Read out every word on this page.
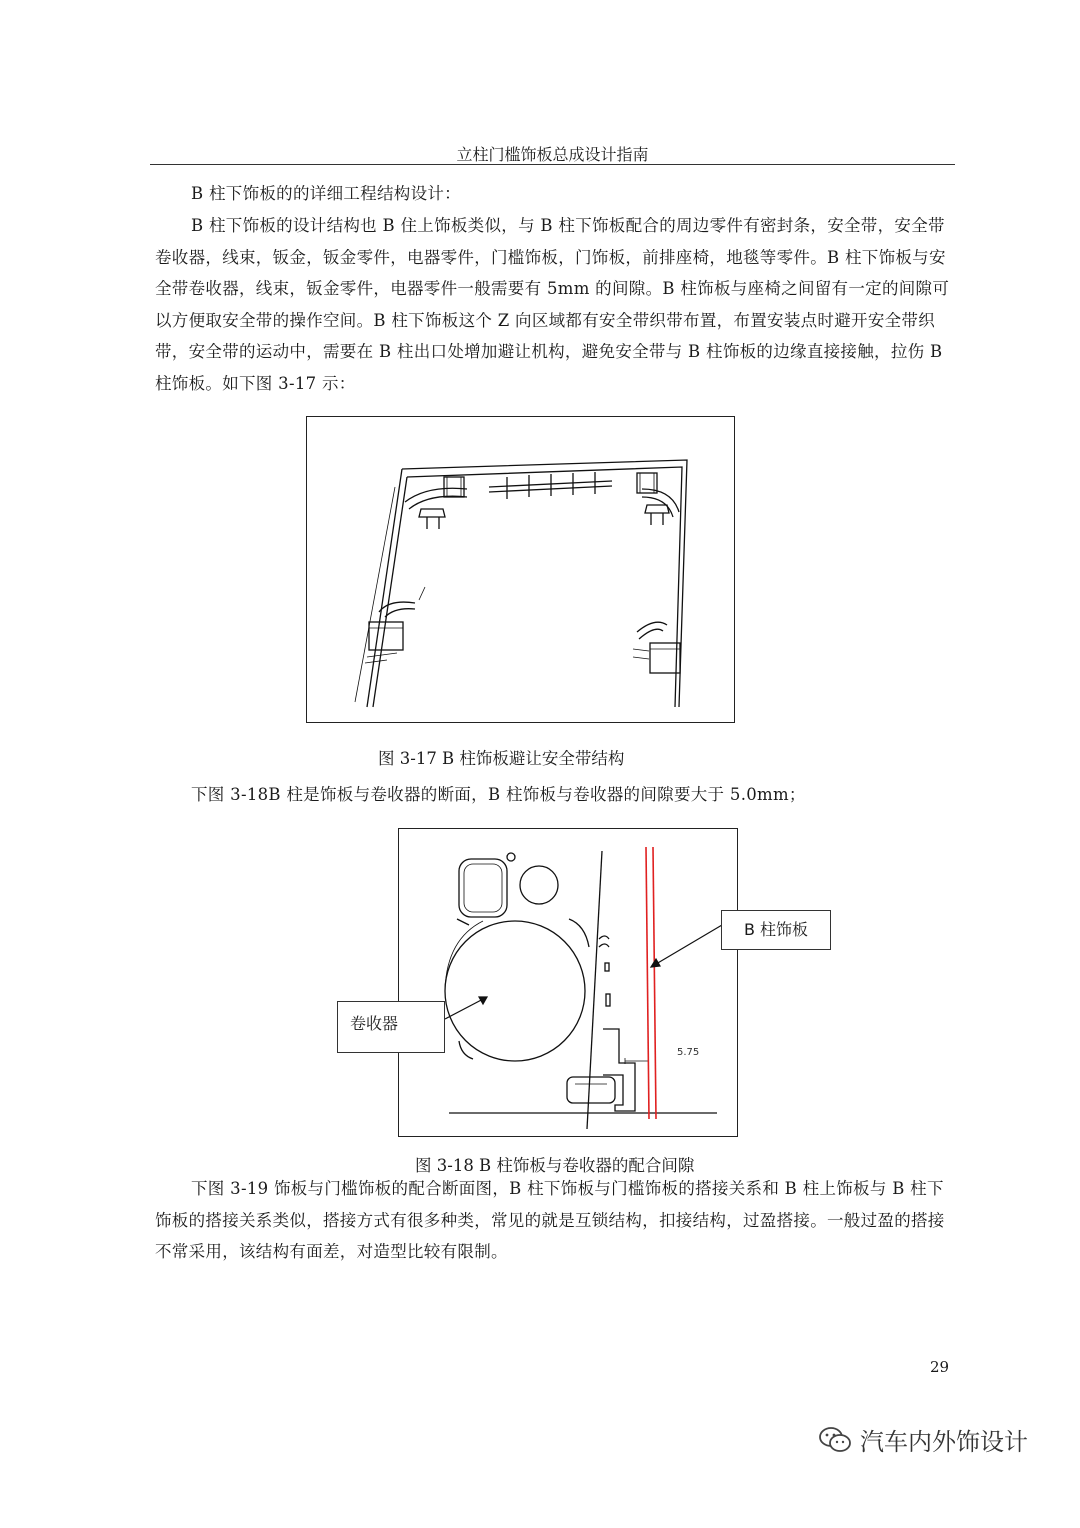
立柱门槛饰板总成设计指南
B 柱下饰板的的详细工程结构设计：
B 柱下饰板的设计结构也 B 住上饰板类似，与 B 柱下饰板配合的周边零件有密封条，安全带，安全带卷收器，线束，钣金，钣金零件，电器零件，门槛饰板，门饰板，前排座椅，地毯等零件。B 柱下饰板与安全带卷收器，线束，钣金零件，电器零件一般需要有 5mm 的间隙。B 柱饰板与座椅之间留有一定的间隙可以方便取安全带的操作空间。B 柱下饰板这个 Z 向区域都有安全带织带布置，布置安装点时避开安全带织带，安全带的运动中，需要在 B 柱出口处增加避让机构，避免安全带与 B 柱饰板的边缘直接接触，拉伤 B 柱饰板。如下图 3-17 示：
图 3-17 B 柱饰板避让安全带结构
下图 3-18B 柱是饰板与卷收器的断面，B 柱饰板与卷收器的间隙要大于 5.0mm；
5.75
B 柱饰板
卷收器
图 3-18 B 柱饰板与卷收器的配合间隙
下图 3-19 饰板与门槛饰板的配合断面图，B 柱下饰板与门槛饰板的搭接关系和 B 柱上饰板与 B 柱下饰板的搭接关系类似，搭接方式有很多种类，常见的就是互锁结构，扣接结构，过盈搭接。一般过盈的搭接不常采用，该结构有面差，对造型比较有限制。
29
汽车内外饰设计
